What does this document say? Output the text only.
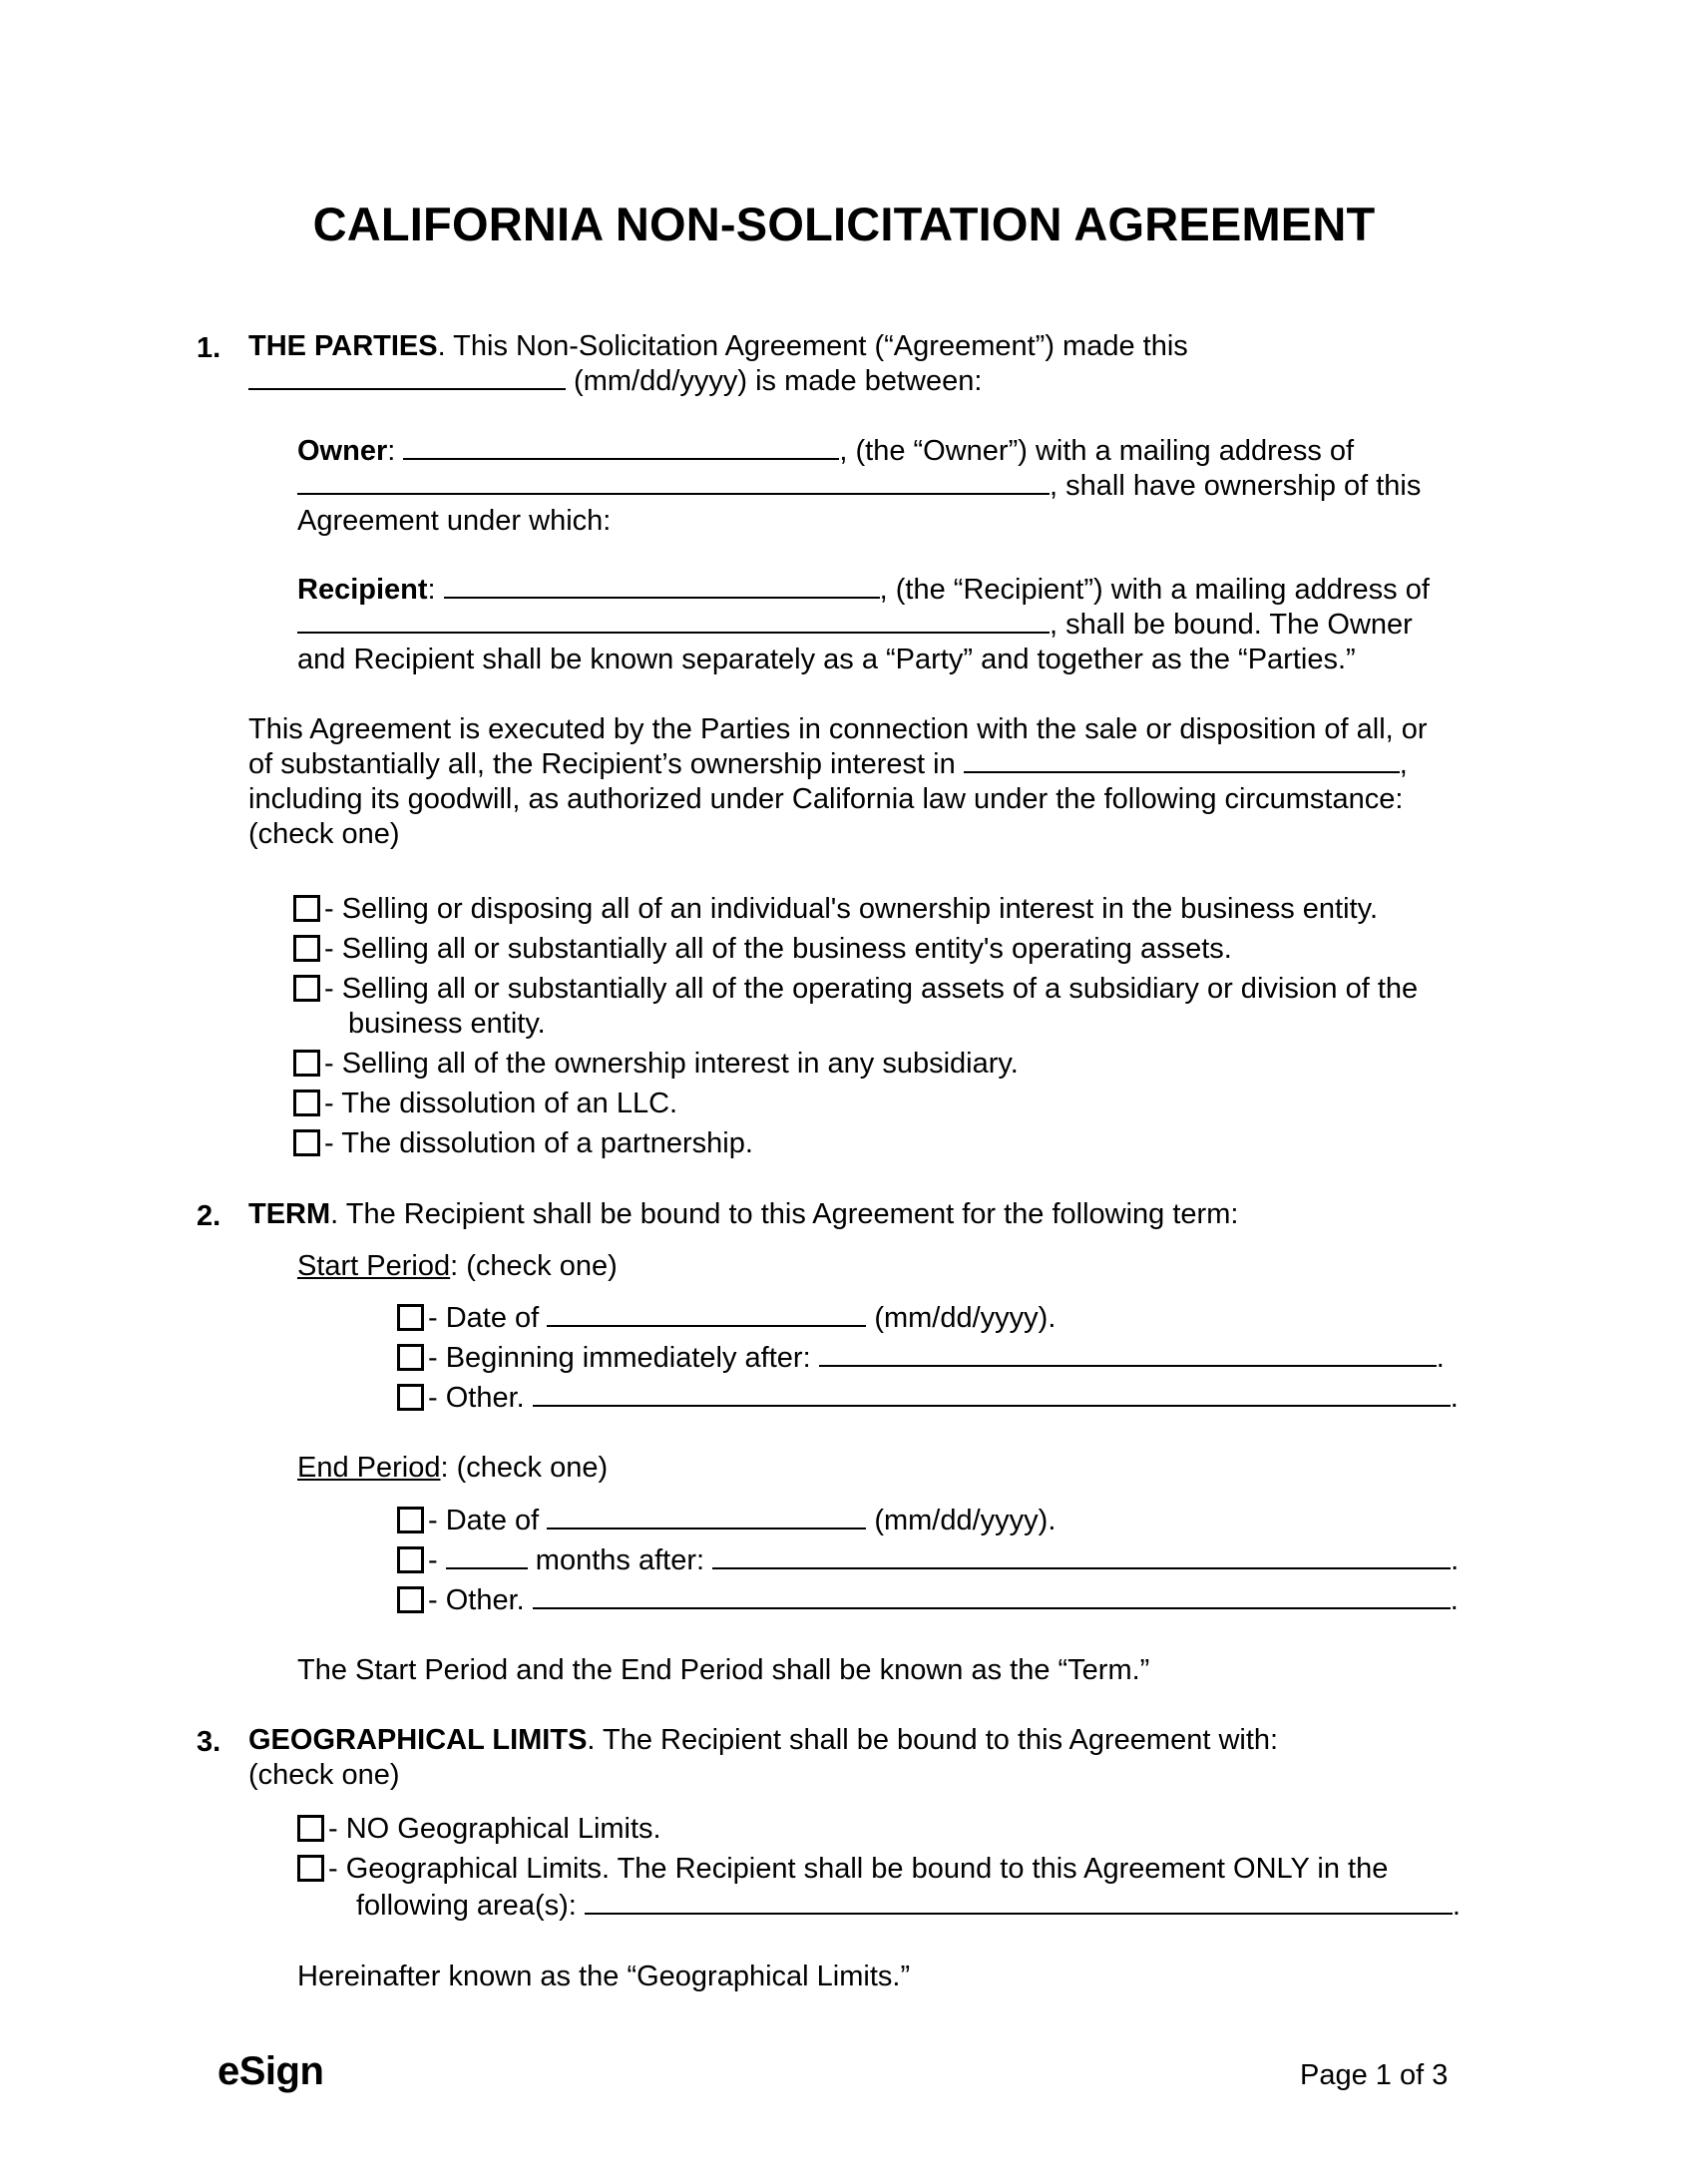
CALIFORNIA NON-SOLICITATION AGREEMENT
1. THE PARTIES. This Non-Solicitation Agreement (“Agreement”) made this
(mm/dd/yyyy) is made between:
Owner:	, (the “Owner”) with a mailing address of
, shall have ownership of this
Agreement under which:
Recipient:	, (the “Recipient”) with a mailing address of
, shall be bound. The Owner
and Recipient shall be known separately as a “Party” and together as the “Parties.”
This Agreement is executed by the Parties in connection with the sale or disposition of all, or
of substantially all, the Recipient’s ownership interest in	,
including its goodwill, as authorized under California law under the following circumstance:
(check one)
- Selling or disposing all of an individual's ownership interest in the business entity.
- Selling all or substantially all of the business entity's operating assets.
- Selling all or substantially all of the operating assets of a subsidiary or division of the
business entity.
- Selling all of the ownership interest in any subsidiary.
- The dissolution of an LLC.
- The dissolution of a partnership.
2. TERM. The Recipient shall be bound to this Agreement for the following term:
Start Period: (check one)
- Date of	(mm/dd/yyyy).
- Beginning immediately after:	.
- Other.	.
End Period: (check one)
- Date of	(mm/dd/yyyy).
-	months after:	.
- Other.	.
The Start Period and the End Period shall be known as the “Term.”
3. GEOGRAPHICAL LIMITS. The Recipient shall be bound to this Agreement with:
(check one)
- NO Geographical Limits.
- Geographical Limits. The Recipient shall be bound to this Agreement ONLY in the
following area(s):	.
Hereinafter known as the “Geographical Limits.”
eSign	Page 1 of 3
